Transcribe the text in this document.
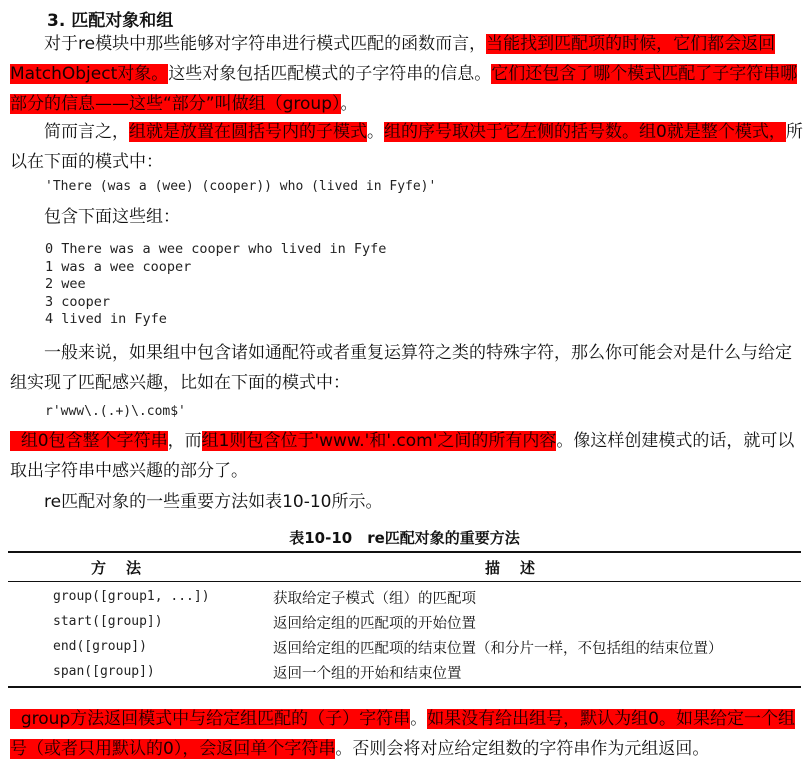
3. 匹配对象和组

对于re模块中那些能够对字符串进行模式匹配的函数而言，当能找到匹配项的时候，它们都会返回MatchObject对象。这些对象包括匹配模式的子字符串的信息。它们还包含了哪个模式匹配了子字符串哪部分的信息——这些“部分”叫做组（group）。

简而言之，组就是放置在圆括号内的子模式。组的序号取决于它左侧的括号数。组0就是整个模式，所以在下面的模式中：

'There (was a (wee) (cooper)) who (lived in Fyfe)'

包含下面这些组：

0 There was a wee cooper who lived in Fyfe
1 was a wee cooper
2 wee
3 cooper
4 lived in Fyfe

一般来说，如果组中包含诸如通配符或者重复运算符之类的特殊字符，那么你可能会对是什么与给定组实现了匹配感兴趣，比如在下面的模式中：

r'www\.(.+)\.com$'

组0包含整个字符串，而组1则包含位于'www.'和'.com'之间的所有内容。像这样创建模式的话，就可以取出字符串中感兴趣的部分了。

re匹配对象的一些重要方法如表10-10所示。

表10-10　re匹配对象的重要方法
方法	描述
group([group1, ...])	获取给定子模式（组）的匹配项
start([group])	返回给定组的匹配项的开始位置
end([group])	返回给定组的匹配项的结束位置（和分片一样，不包括组的结束位置）
span([group])	返回一个组的开始和结束位置

group方法返回模式中与给定组匹配的（子）字符串。如果没有给出组号，默认为组0。如果给定一个组号（或者只用默认的0），会返回单个字符串。否则会将对应给定组数的字符串作为元组返回。
